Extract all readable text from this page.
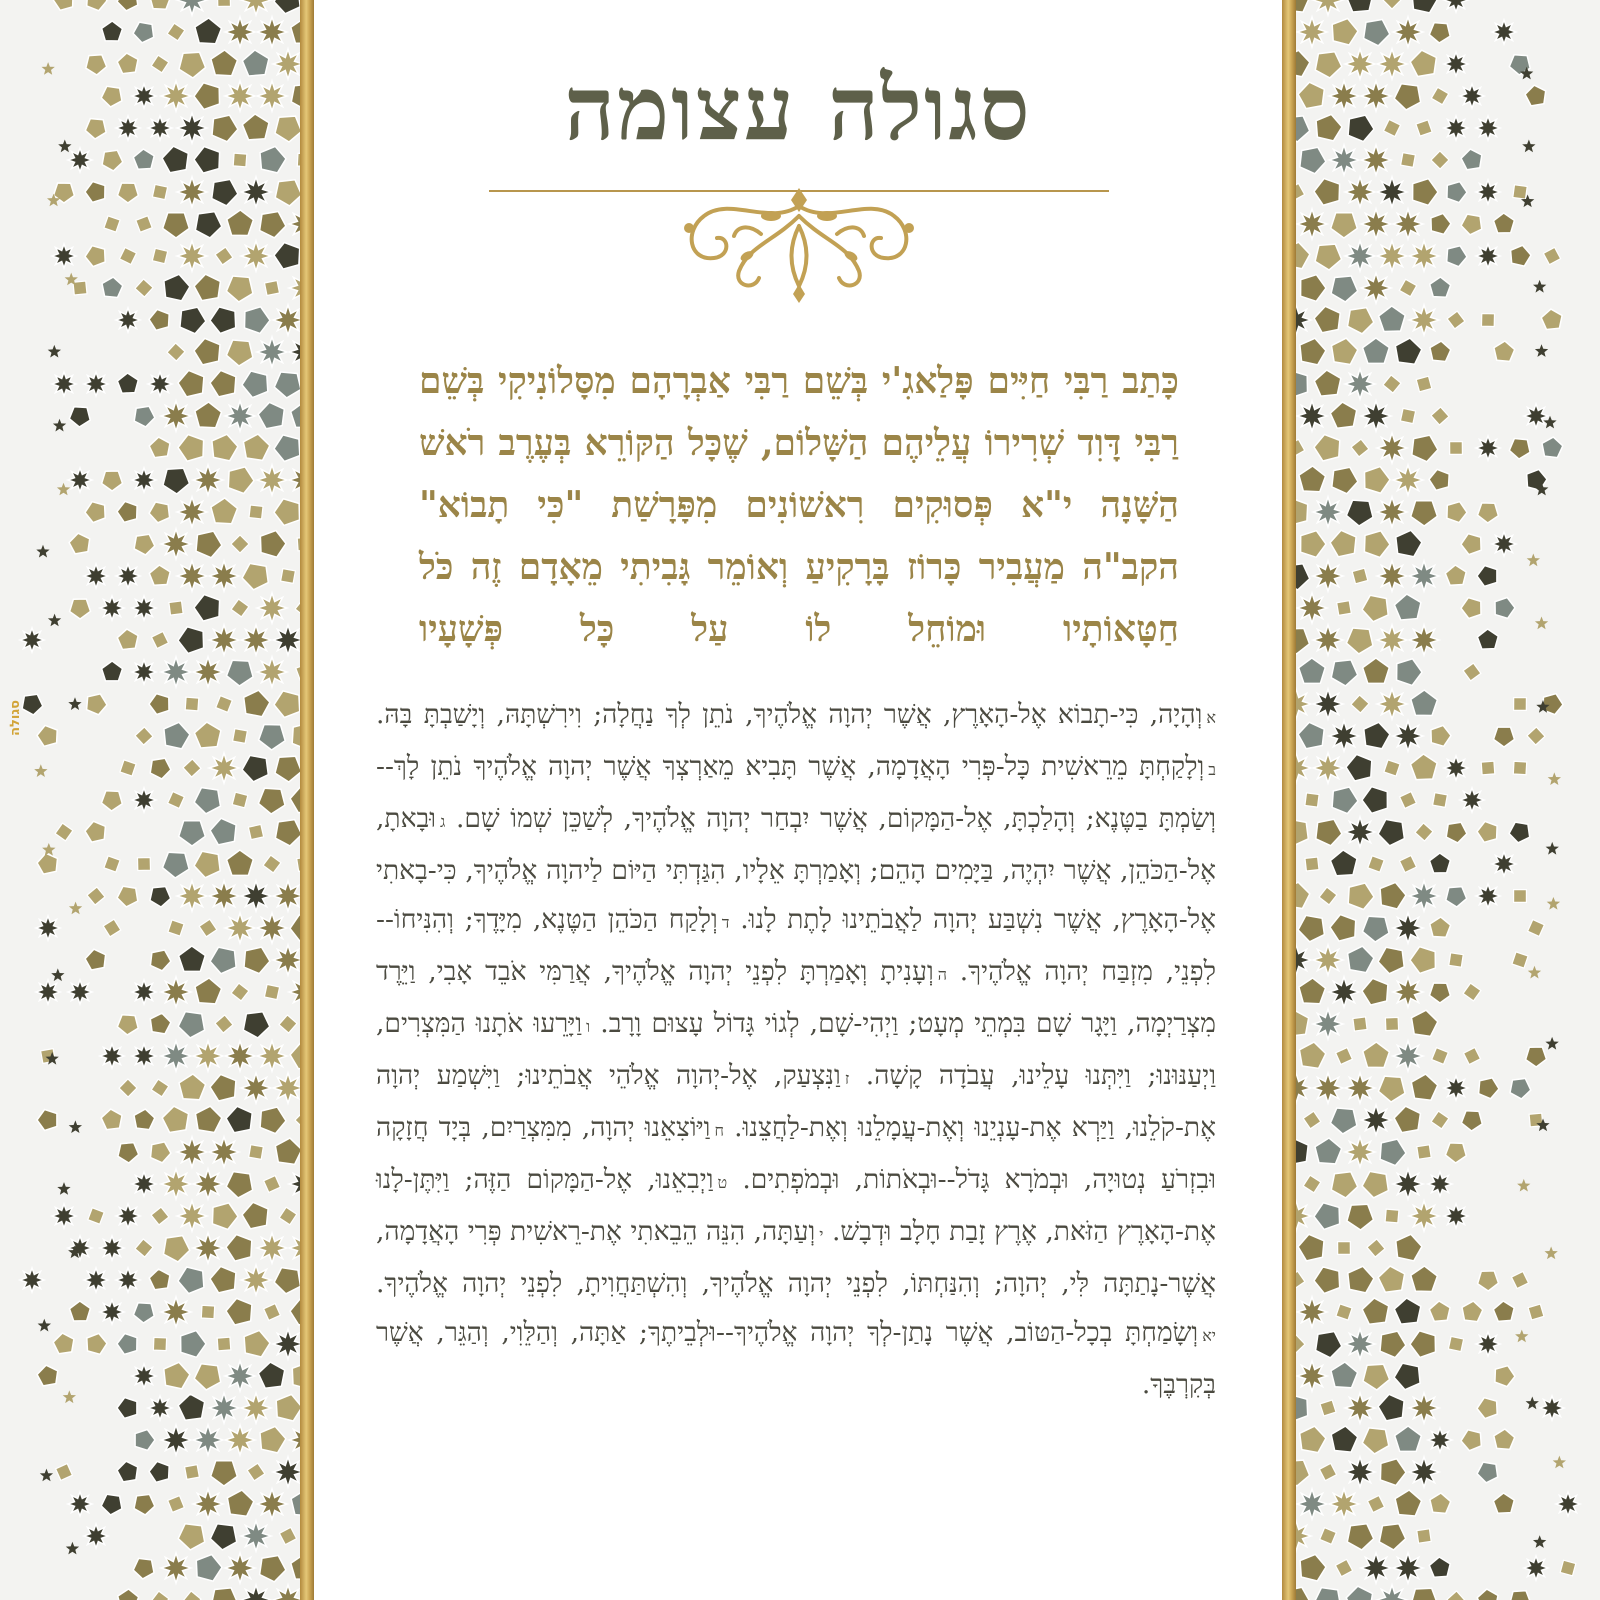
סגולה עצומה
כָּתַב רַבִּי חַיִּים פָּלַאגִ'י בְּשֵׁם רַבִּי אַבְרָהָם מִסָּלוֹנִיקִי בְּשֵׁם רַבִּי דָּוִד שְׁרִירוֹ עֲלֵיהֶם הַשָּׁלוֹם, שֶׁכָּל הַקּוֹרֵא בְּעֶרֶב רֹאשׁ הַשָּׁנָה י"א פְּסוּקִים רִאשׁוֹנִים מִפָּרָשַׁת "כִּי תָבוֹא" הקב"ה מַעֲבִיר כָּרוֹז בָּרָקִיעַ וְאוֹמֵר גָּבִיתִי מֵאָדָם זֶה כֹּל חַטָּאוֹתָיו וּמוֹחֵל לוֹ עַל כָּל פְּשָׁעָיו
אוְהָיָה, כִּי-תָבוֹא אֶל-הָאָרֶץ, אֲשֶׁר יְהוָה אֱלֹהֶיךָ, נֹתֵן לְךָ נַחֲלָה; וִירִשְׁתָּהּ, וְיָשַׁבְתָּ בָּהּ. בוְלָקַחְתָּ מֵרֵאשִׁית כָּל-פְּרִי הָאֲדָמָה, אֲשֶׁר תָּבִיא מֵאַרְצְךָ אֲשֶׁר יְהוָה אֱלֹהֶיךָ נֹתֵן לָךְ--וְשַׂמְתָּ בַטֶּנֶא; וְהָלַכְתָּ, אֶל-הַמָּקוֹם, אֲשֶׁר יִבְחַר יְהוָה אֱלֹהֶיךָ, לְשַׁכֵּן שְׁמוֹ שָׁם. גוּבָאתָ, אֶל-הַכֹּהֵן, אֲשֶׁר יִהְיֶה, בַּיָּמִים הָהֵם; וְאָמַרְתָּ אֵלָיו, הִגַּדְתִּי הַיּוֹם לַיהוָה אֱלֹהֶיךָ, כִּי-בָאתִי אֶל-הָאָרֶץ, אֲשֶׁר נִשְׁבַּע יְהוָה לַאֲבֹתֵינוּ לָתֶת לָנוּ. דוְלָקַח הַכֹּהֵן הַטֶּנֶא, מִיָּדֶךָ; וְהִנִּיחוֹ--לִפְנֵי, מִזְבַּח יְהוָה אֱלֹהֶיךָ. הוְעָנִיתָ וְאָמַרְתָּ לִפְנֵי יְהוָה אֱלֹהֶיךָ, אֲרַמִּי אֹבֵד אָבִי, וַיֵּרֶד מִצְרַיְמָה, וַיָּגָר שָׁם בִּמְתֵי מְעָט; וַיְהִי-שָׁם, לְגוֹי גָּדוֹל עָצוּם וָרָב. ווַיָּרֵעוּ אֹתָנוּ הַמִּצְרִים, וַיְעַנּוּנוּ; וַיִּתְּנוּ עָלֵינוּ, עֲבֹדָה קָשָׁה. זוַנִּצְעַק, אֶל-יְהוָה אֱלֹהֵי אֲבֹתֵינוּ; וַיִּשְׁמַע יְהוָה אֶת-קֹלֵנוּ, וַיַּרְא אֶת-עָנְיֵנוּ וְאֶת-עֲמָלֵנוּ וְאֶת-לַחֲצֵנוּ. חוַיּוֹצִאֵנוּ יְהוָה, מִמִּצְרַיִם, בְּיָד חֲזָקָה וּבִזְרֹעַ נְטוּיָה, וּבְמֹרָא גָּדֹל--וּבְאֹתוֹת, וּבְמֹפְתִים. טוַיְבִאֵנוּ, אֶל-הַמָּקוֹם הַזֶּה; וַיִּתֶּן-לָנוּ אֶת-הָאָרֶץ הַזֹּאת, אֶרֶץ זָבַת חָלָב וּדְבָשׁ. יוְעַתָּה, הִנֵּה הֵבֵאתִי אֶת-רֵאשִׁית פְּרִי הָאֲדָמָה, אֲשֶׁר-נָתַתָּה לִּי, יְהוָה; וְהִנַּחְתּוֹ, לִפְנֵי יְהוָה אֱלֹהֶיךָ, וְהִשְׁתַּחֲוִיתָ, לִפְנֵי יְהוָה אֱלֹהֶיךָ. יאוְשָׂמַחְתָּ בְכָל-הַטּוֹב, אֲשֶׁר נָתַן-לְךָ יְהוָה אֱלֹהֶיךָ--וּלְבֵיתֶךָ; אַתָּה, וְהַלֵּוִי, וְהַגֵּר, אֲשֶׁר בְּקִרְבֶּךָ.
סגולה
